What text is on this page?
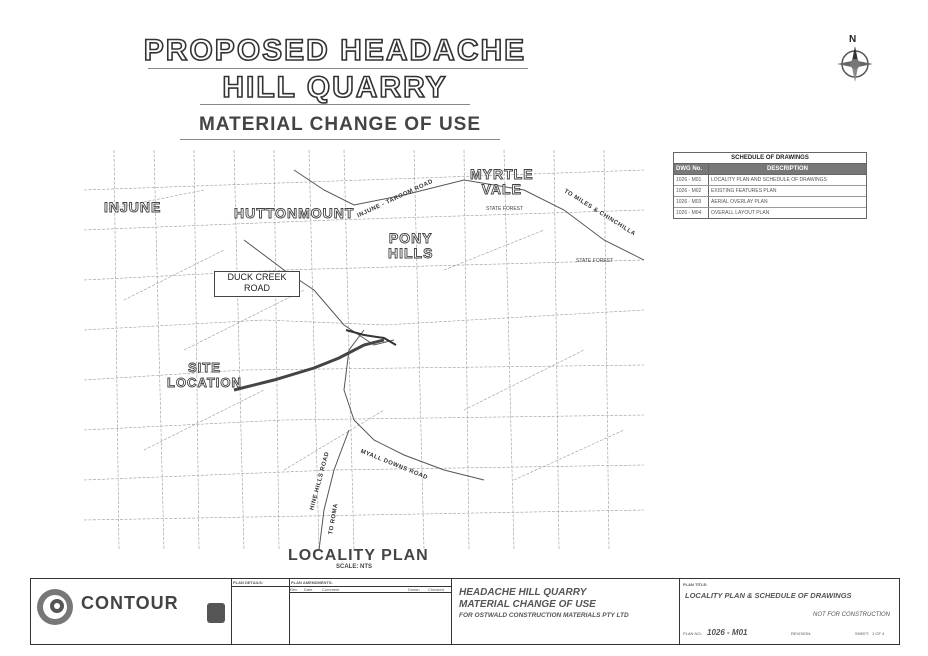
PROPOSED HEADACHE
HILL QUARRY
MATERIAL CHANGE OF USE
N
SCHEDULE OF DRAWINGS
DWG No.	DESCRIPTION
1026 - M01	LOCALITY PLAN AND SCHEDULE OF DRAWINGS
1026 - M02	EXISTING FEATURES PLAN
1026 - M03	AERIAL OVERLAY PLAN
1026 - M04	OVERALL LAYOUT PLAN
INJUNE	HUTTONMOUNT
MYRTLE
VALE
PONY
HILLS
SITE
LOCATION
INJUNE - TAROOM ROAD	TO MILES & CHINCHILLA
MYALL DOWNS ROAD
HINE HILLS ROAD
TO ROMA
STATE FOREST
STATE FOREST
DUCK CREEK
ROAD
LOCALITY PLAN
SCALE: NTS
CONTOUR
PLAN DETAILS:	PLAN AMENDMENTS:
Rev	Date	Comment	Drawn	Checked	HEADACHE HILL QUARRY
MATERIAL CHANGE OF USE
FOR OSTWALD CONSTRUCTION MATERIALS PTY LTD
PLAN TITLE:
LOCALITY PLAN & SCHEDULE OF DRAWINGS
NOT FOR CONSTRUCTION
PLAN NO: 1026 - M01	REVISION:	SHEET: 1 OF 4
